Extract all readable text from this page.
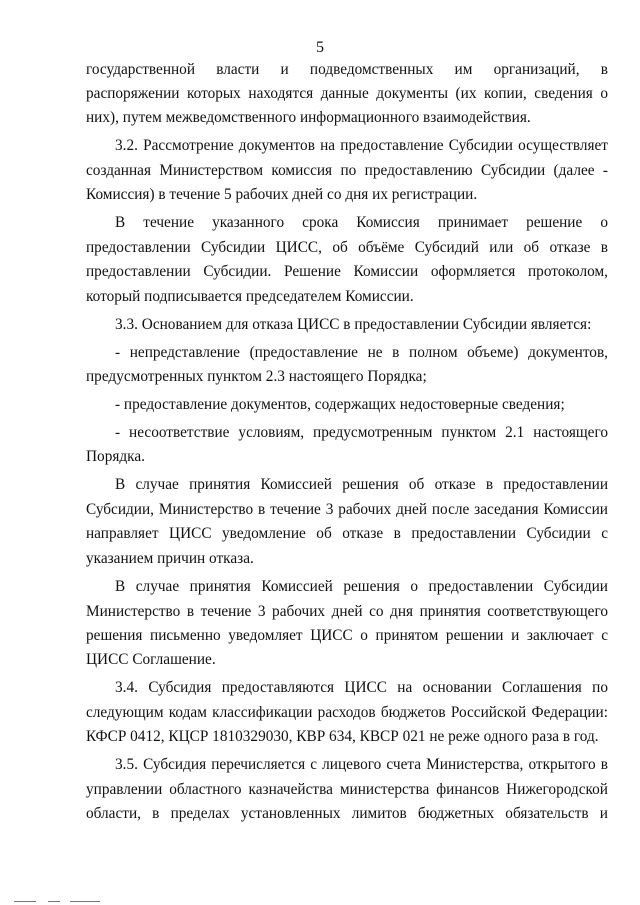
5
государственной власти и подведомственных им организаций, в
распоряжении которых находятся данные документы (их копии, сведения о
них), путем межведомственного информационного взаимодействия.
3.2. Рассмотрение документов на предоставление Субсидии осуществляет
созданная Министерством комиссия по предоставлению Субсидии (далее -
Комиссия) в течение 5 рабочих дней со дня их регистрации.
В течение указанного срока Комиссия принимает решение о
предоставлении Субсидии ЦИСС, об объёме Субсидий или об отказе в
предоставлении Субсидии. Решение Комиссии оформляется протоколом,
который подписывается председателем Комиссии.
3.3. Основанием для отказа ЦИСС в предоставлении Субсидии является:
- непредставление (предоставление не в полном объеме) документов,
предусмотренных пунктом 2.3 настоящего Порядка;
- предоставление документов, содержащих недостоверные сведения;
- несоответствие условиям, предусмотренным пунктом 2.1 настоящего
Порядка.
В случае принятия Комиссией решения об отказе в предоставлении
Субсидии, Министерство в течение 3 рабочих дней после заседания Комиссии
направляет ЦИСС уведомление об отказе в предоставлении Субсидии с
указанием причин отказа.
В случае принятия Комиссией решения о предоставлении Субсидии
Министерство в течение 3 рабочих дней со дня принятия соответствующего
решения письменно уведомляет ЦИСС о принятом решении и заключает с
ЦИСС Соглашение.
3.4. Субсидия предоставляются ЦИСС на основании Соглашения по
следующим кодам классификации расходов бюджетов Российской Федерации:
КФСР 0412, КЦСР 1810329030, КВР 634, КВСР 021 не реже одного раза в год.
3.5. Субсидия перечисляется с лицевого счета Министерства, открытого в
управлении областного казначейства министерства финансов Нижегородской
области, в пределах установленных лимитов бюджетных обязательств и
